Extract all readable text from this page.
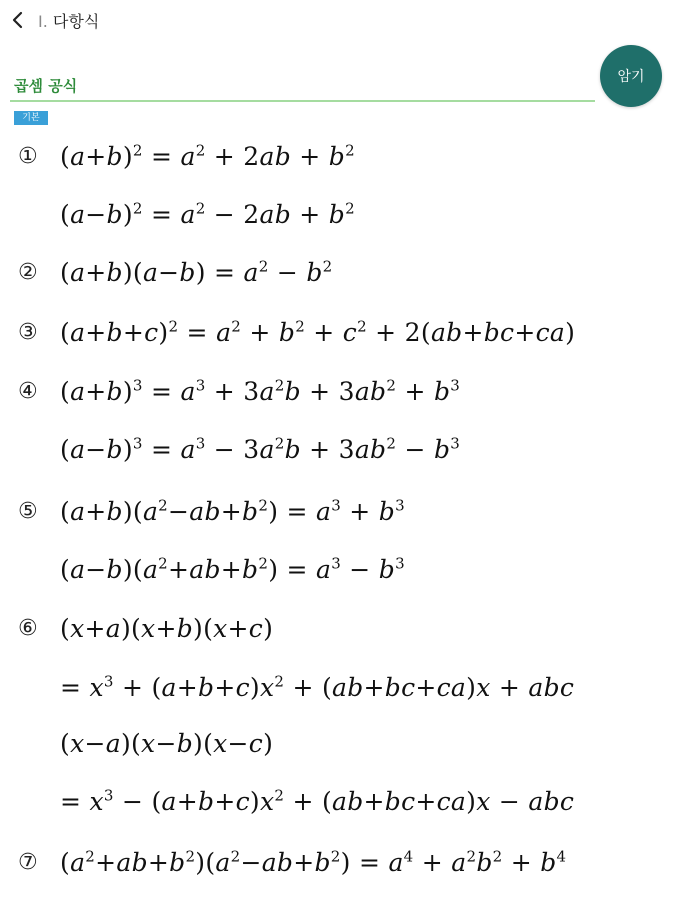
Ⅰ. 다항식
곱셈 공식	암기
기본
① $(a+b)^2 = a^2 + 2ab + b^2$
$(a-b)^2 = a^2 - 2ab + b^2$
② $(a+b)(a-b) = a^2 - b^2$
③ $(a+b+c)^2 = a^2 + b^2 + c^2 + 2(ab+bc+ca)$
④ $(a+b)^3 = a^3 + 3a^2b + 3ab^2 + b^3$
$(a-b)^3 = a^3 - 3a^2b + 3ab^2 - b^3$
⑤ $(a+b)(a^2-ab+b^2) = a^3 + b^3$
$(a-b)(a^2+ab+b^2) = a^3 - b^3$
⑥ (x+a)(x+b)(x+c)
= $x^3 + (a+b+c)x^2 + (ab+bc+ca)x$ + abc
(x−a)(x−b)(x−c)
= $x^3 - (a+b+c)x^2 + (ab+bc+ca)x$ − abc
⑦ $(a^2+ab+b^2)(a^2-ab+b^2) = a^4 + a^2b^2 + b^4$
